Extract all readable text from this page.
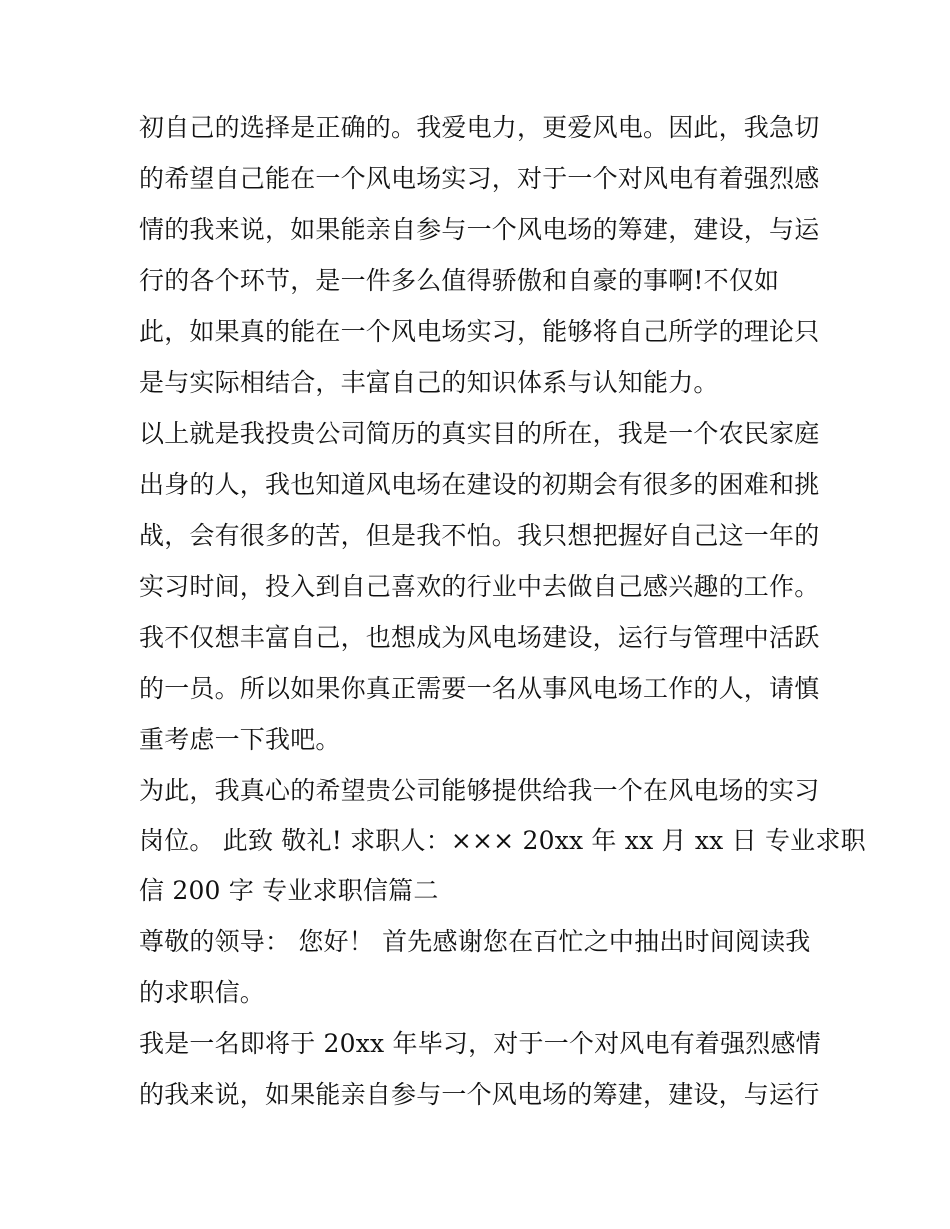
初自己的选择是正确的。我爱电力，更爱风电。因此，我急切
的希望自己能在一个风电场实习，对于一个对风电有着强烈感
情的我来说，如果能亲自参与一个风电场的筹建，建设，与运
行的各个环节，是一件多么值得骄傲和自豪的事啊!不仅如
此，如果真的能在一个风电场实习，能够将自己所学的理论只
是与实际相结合，丰富自己的知识体系与认知能力。
以上就是我投贵公司简历的真实目的所在，我是一个农民家庭
出身的人，我也知道风电场在建设的初期会有很多的困难和挑
战，会有很多的苦，但是我不怕。我只想把握好自己这一年的
实习时间，投入到自己喜欢的行业中去做自己感兴趣的工作。
我不仅想丰富自己，也想成为风电场建设，运行与管理中活跃
的一员。所以如果你真正需要一名从事风电场工作的人，请慎
重考虑一下我吧。
为此，我真心的希望贵公司能够提供给我一个在风电场的实习
岗位。 此致 敬礼! 求职人：××× 20xx 年 xx 月 xx 日 专业求职
信 200 字 专业求职信篇二
尊敬的领导： 您好！ 首先感谢您在百忙之中抽出时间阅读我
的求职信。
我是一名即将于 20xx 年毕习，对于一个对风电有着强烈感情
的我来说，如果能亲自参与一个风电场的筹建，建设，与运行
